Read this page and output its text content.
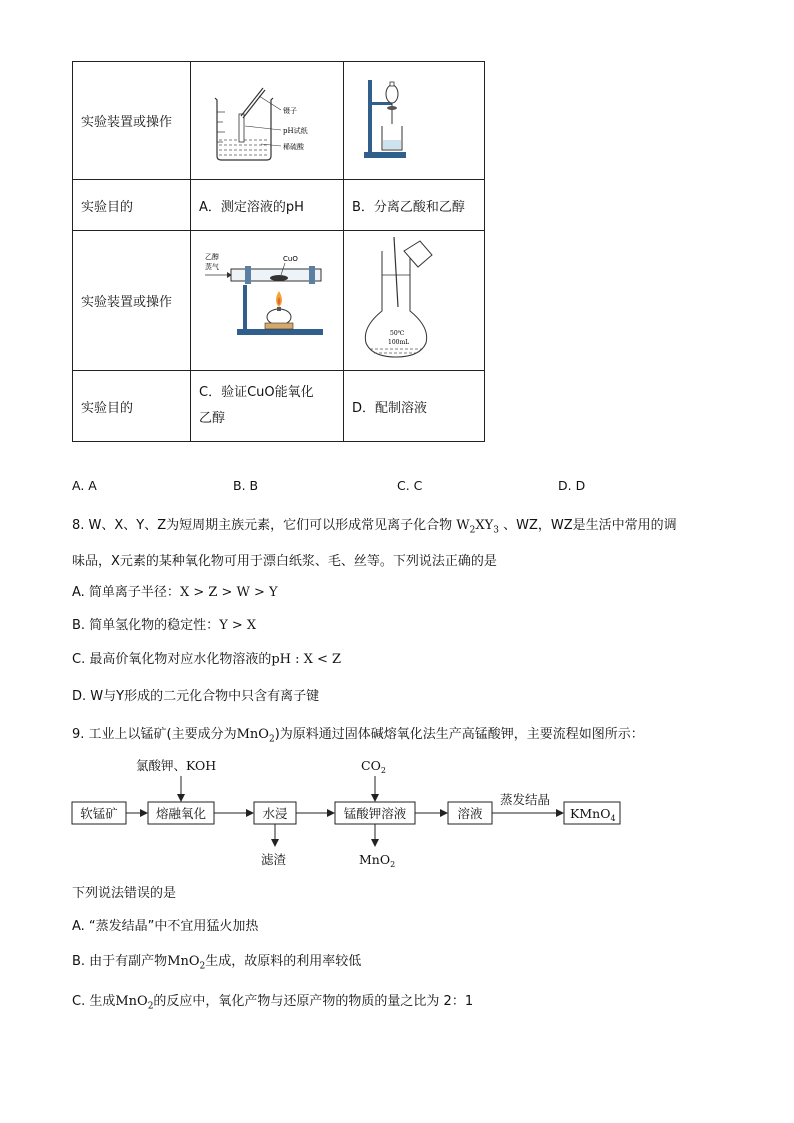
实验装置或操作	镊子
pH试纸
稀硫酸

实验目的	A．测定溶液的pH	B．分离乙酸和乙醇
实验装置或操作	乙醇
蒸气
CuO	50℃
100mL

实验目的	C．验证CuO能氧化
乙醇	D．配制溶液
A. A	B. B	C. C	D. D
8. W、X、Y、Z为短周期主族元素，它们可以形成常见离子化合物 $W_2XY_3$ 、WZ，WZ是生活中常用的调
味品，X元素的某种氧化物可用于漂白纸浆、毛、丝等。下列说法正确的是
A. 简单离子半径：X > Z > W > Y
B. 简单氢化物的稳定性：Y > X
C. 最高价氧化物对应水化物溶液的pH : X < Z
D. W与Y形成的二元化合物中只含有离子键
9. 工业上以锰矿(主要成分为MnO$_2$)为原料通过固体碱熔氧化法生产高锰酸钾，主要流程如图所示：
软锰矿	熔融氧化	水浸	锰酸钾溶液	溶液	KMnO$_4$
氯酸钾、KOH	$CO_2$
蒸发结晶
滤渣	MnO$_2$
下列说法错误的是
A. “蒸发结晶”中不宜用猛火加热
B. 由于有副产物MnO$_2$生成，故原料的利用率较低
C. 生成MnO$_2$的反应中，氧化产物与还原产物的物质的量之比为 2：1
